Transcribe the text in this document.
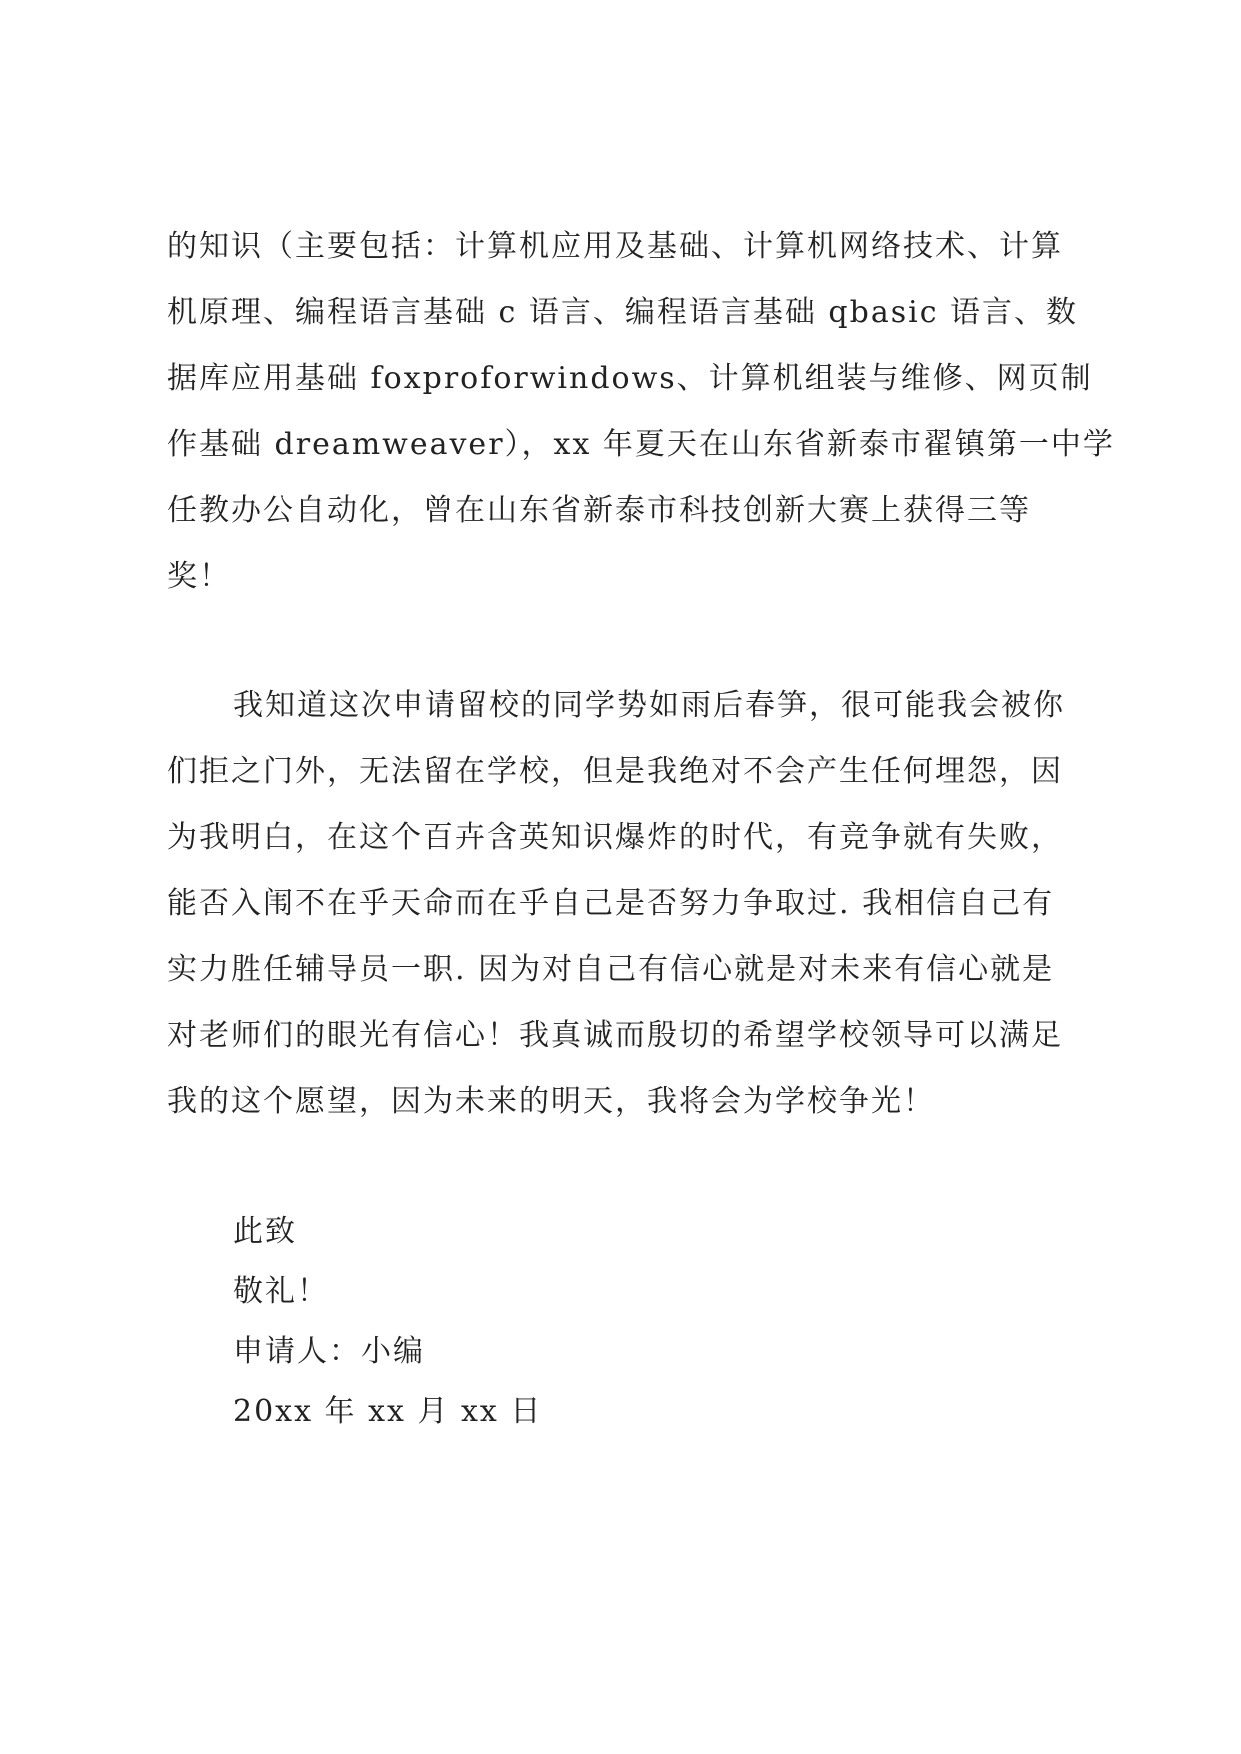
的知识（主要包括：计算机应用及基础、计算机网络技术、计算
机原理、编程语言基础 c 语言、编程语言基础 qbasic 语言、数
据库应用基础 foxproforwindows、计算机组装与维修、网页制
作基础 dreamweaver），xx 年夏天在山东省新泰市翟镇第一中学
任教办公自动化，曾在山东省新泰市科技创新大赛上获得三等
奖！
我知道这次申请留校的同学势如雨后春笋，很可能我会被你
们拒之门外，无法留在学校，但是我绝对不会产生任何埋怨，因
为我明白，在这个百卉含英知识爆炸的时代，有竞争就有失败，
能否入闱不在乎天命而在乎自己是否努力争取过. 我相信自己有
实力胜任辅导员一职. 因为对自己有信心就是对未来有信心就是
对老师们的眼光有信心！我真诚而殷切的希望学校领导可以满足
我的这个愿望，因为未来的明天，我将会为学校争光！
此致
敬礼！
申请人：小编
20xx 年 xx 月 xx 日
